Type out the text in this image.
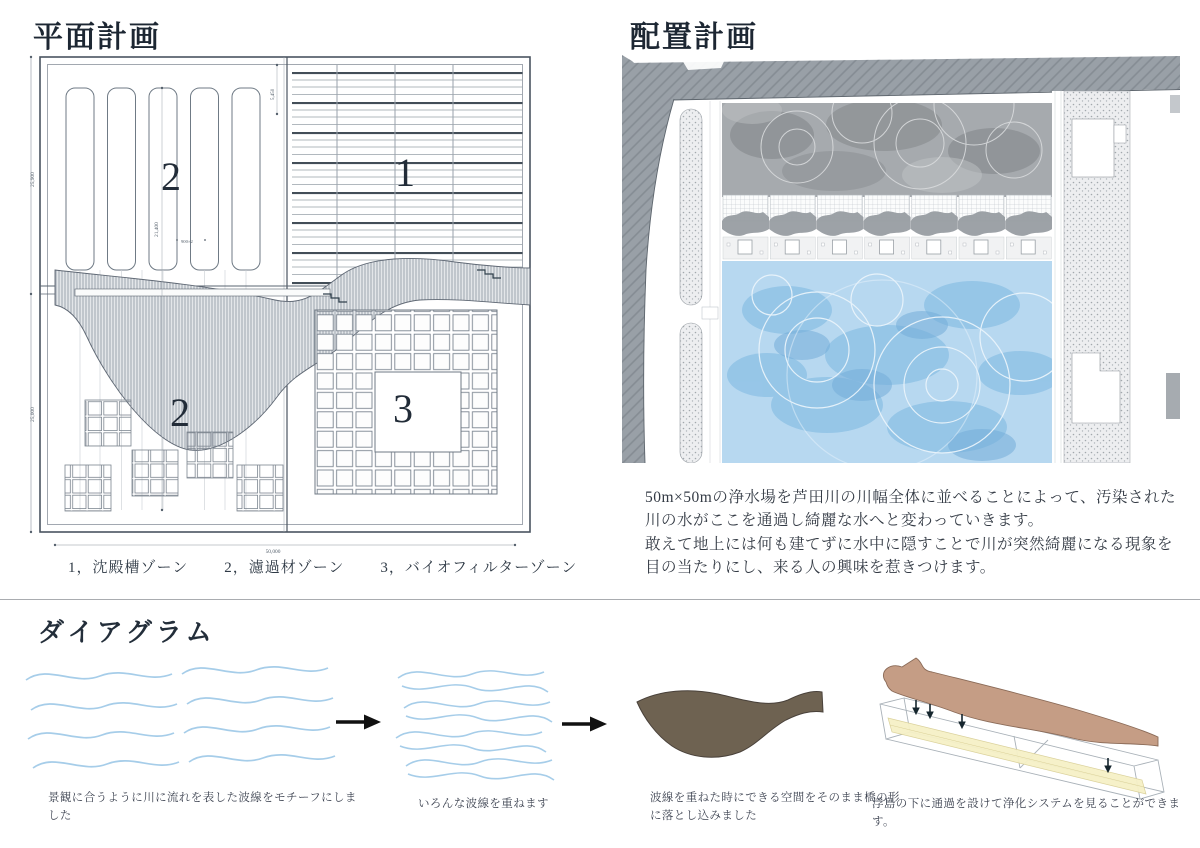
平面計画
25,900
25,000
21,400
5,450
900×2
50,000
2	1
2	3
1，沈殿槽ゾーン 2，濾過材ゾーン 3，バイオフィルターゾーン
配置計画

50m×50mの浄水場を芦田川の川幅全体に並べることによって、汚染された川の水がここを通過し綺麗な水へと変わっていきます。

敢えて地上には何も建てずに水中に隠すことで川が突然綺麗になる現象を目の当たりにし、来る人の興味を惹きつけます。

ダイアグラム
景観に合うように川に流れを表した波線をモチーフにしました
いろんな波線を重ねます	波線を重ねた時にできる空間をそのまま橋の形に落とし込みました
浮島の下に通過を設けて浄化システムを見ることができます。
